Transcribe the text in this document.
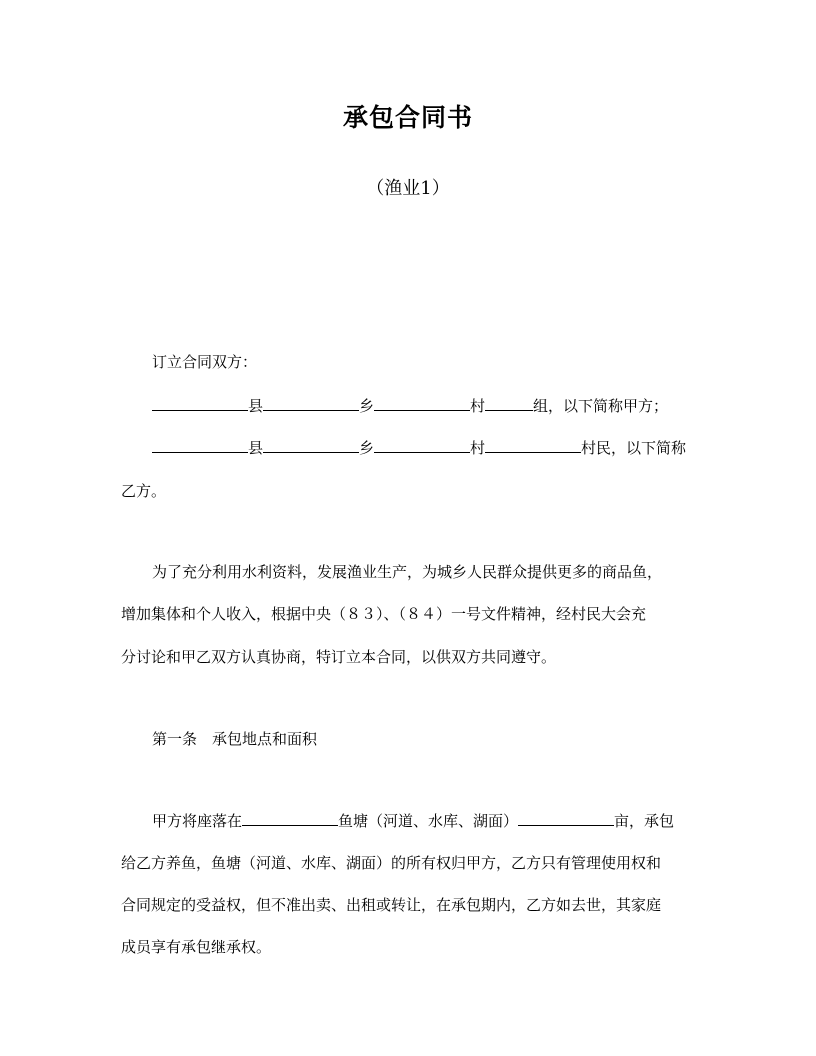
承包合同书
（渔业1）
订立合同双方：
县	乡	村	组，以下简称甲方；
县	乡	村	村民，以下简称
乙方。
为了充分利用水利资料，发展渔业生产，为城乡人民群众提供更多的商品鱼，
增加集体和个人收入，根据中央（８３）、（８４）一号文件精神，经村民大会充
分讨论和甲乙双方认真协商，特订立本合同，以供双方共同遵守。
第一条　承包地点和面积
甲方将座落在	鱼塘（河道、水库、湖面）	亩，承包
给乙方养鱼，鱼塘（河道、水库、湖面）的所有权归甲方，乙方只有管理使用权和
合同规定的受益权，但不准出卖、出租或转让，在承包期内，乙方如去世，其家庭
成员享有承包继承权。
